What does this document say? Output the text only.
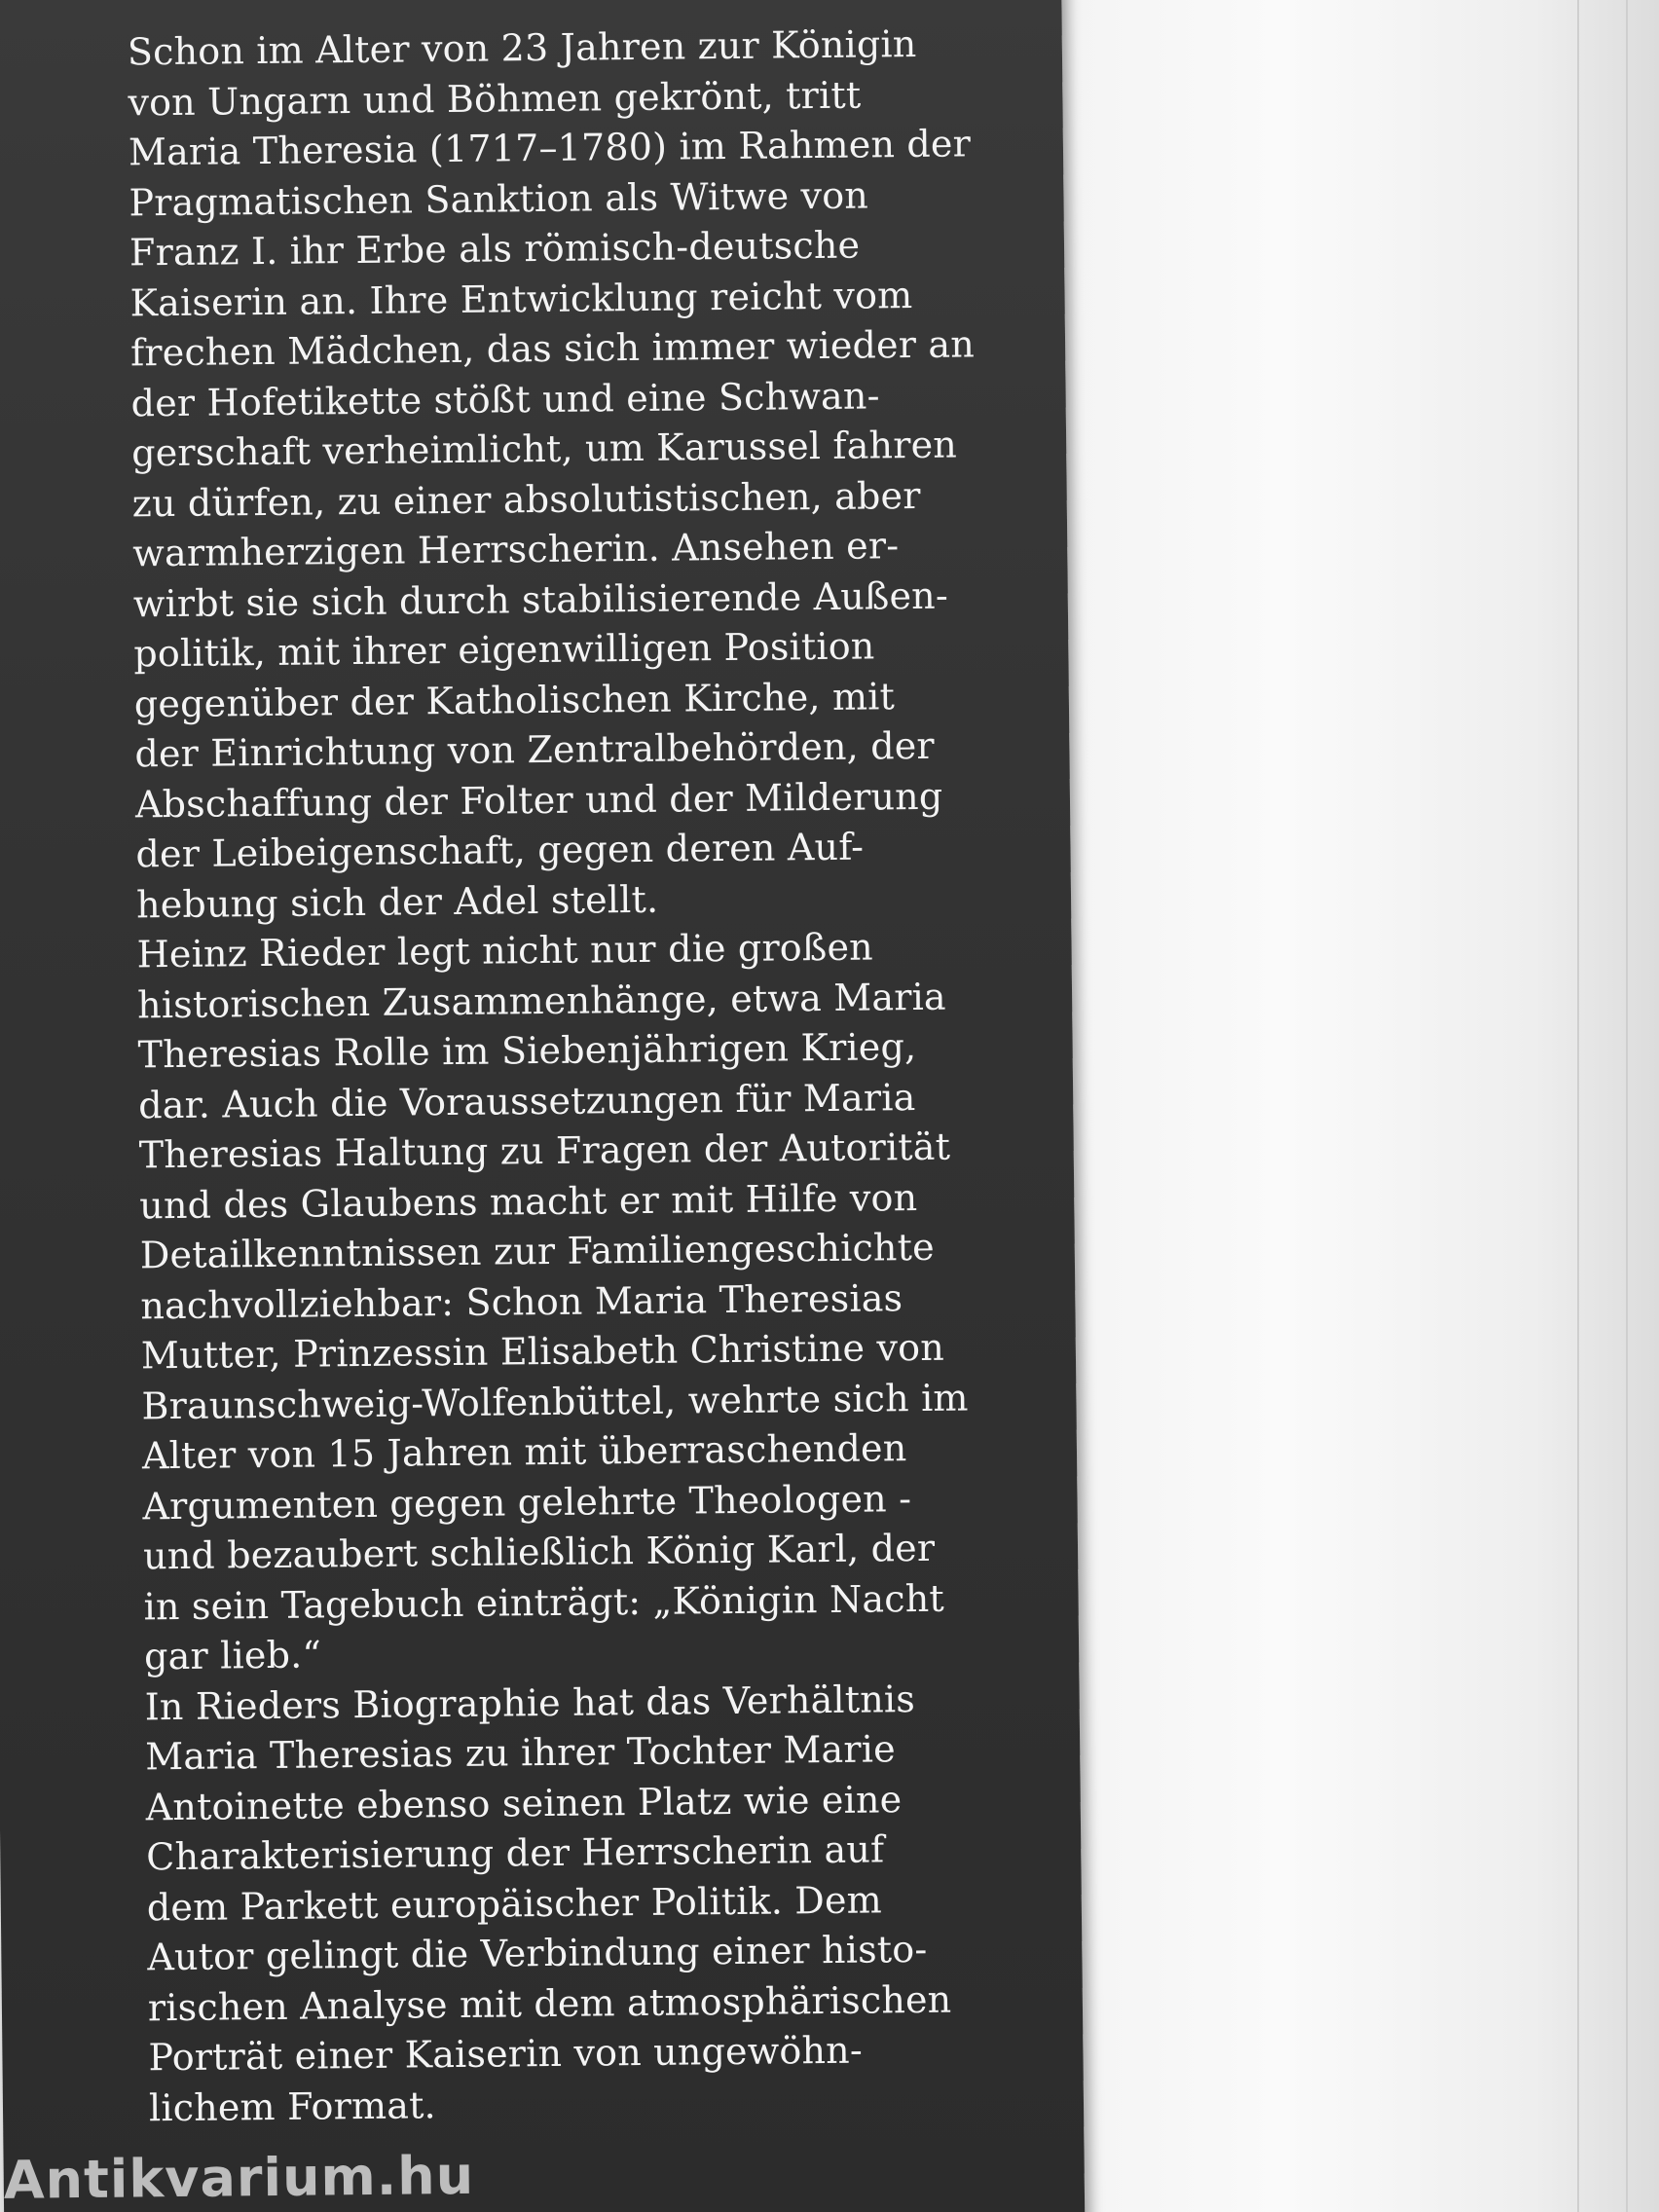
Schon im Alter von 23 Jahren zur Königin
von Ungarn und Böhmen gekrönt, tritt
Maria Theresia (1717–1780) im Rahmen der
Pragmatischen Sanktion als Witwe von
Franz I. ihr Erbe als römisch-deutsche
Kaiserin an. Ihre Entwicklung reicht vom
frechen Mädchen, das sich immer wieder an
der Hofetikette stößt und eine Schwan-
gerschaft verheimlicht, um Karussel fahren
zu dürfen, zu einer absolutistischen, aber
warmherzigen Herrscherin. Ansehen er-
wirbt sie sich durch stabilisierende Außen-
politik, mit ihrer eigenwilligen Position
gegenüber der Katholischen Kirche, mit
der Einrichtung von Zentralbehörden, der
Abschaffung der Folter und der Milderung
der Leibeigenschaft, gegen deren Auf-
hebung sich der Adel stellt.
Heinz Rieder legt nicht nur die großen
historischen Zusammenhänge, etwa Maria
Theresias Rolle im Siebenjährigen Krieg,
dar. Auch die Voraussetzungen für Maria
Theresias Haltung zu Fragen der Autorität
und des Glaubens macht er mit Hilfe von
Detailkenntnissen zur Familiengeschichte
nachvollziehbar: Schon Maria Theresias
Mutter, Prinzessin Elisabeth Christine von
Braunschweig-Wolfenbüttel, wehrte sich im
Alter von 15 Jahren mit überraschenden
Argumenten gegen gelehrte Theologen -
und bezaubert schließlich König Karl, der
in sein Tagebuch einträgt: „Königin Nacht
gar lieb.“
In Rieders Biographie hat das Verhältnis
Maria Theresias zu ihrer Tochter Marie
Antoinette ebenso seinen Platz wie eine
Charakterisierung der Herrscherin auf
dem Parkett europäischer Politik. Dem
Autor gelingt die Verbindung einer histo-
rischen Analyse mit dem atmosphärischen
Porträt einer Kaiserin von ungewöhn-
lichem Format.
Antikvarium.hu
